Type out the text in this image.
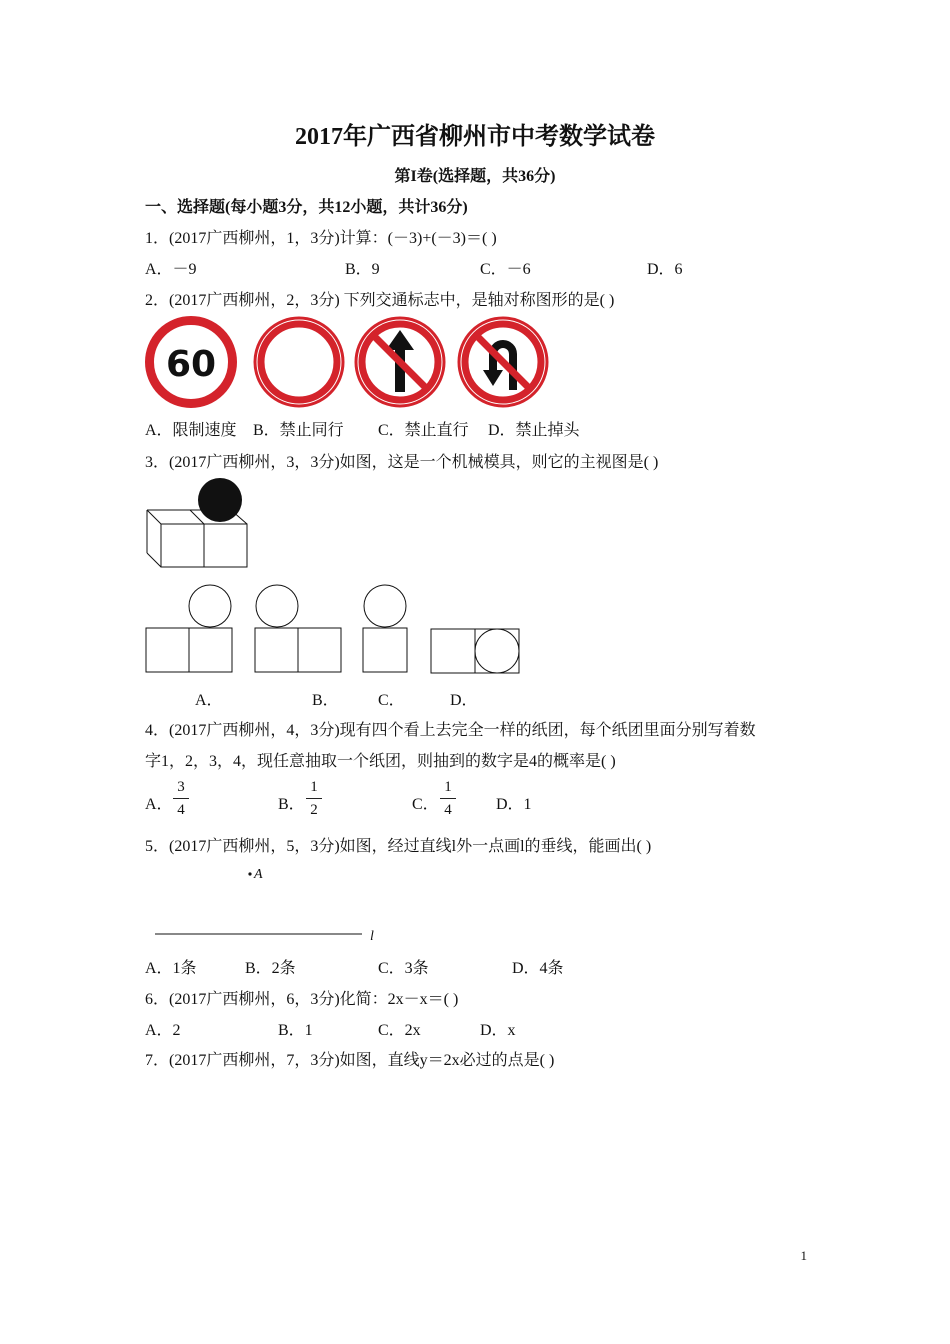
2017年广西省柳州市中考数学试卷
第I卷(选择题，共36分)
一、选择题(每小题3分，共12小题，共计36分)
1．(2017广西柳州，1，3分)计算：(－3)+(－3)＝( )
A．－9	B．9	C．－6	D．6
2．(2017广西柳州，2，3分) 下列交通标志中，是轴对称图形的是( )
60
A．限制速度 B．禁止同行 C．禁止直行 D．禁止掉头
3．(2017广西柳州，3，3分)如图，这是一个机械模具，则它的主视图是( )
A．	B． C．	D．
4．(2017广西柳州，4，3分)现有四个看上去完全一样的纸团，每个纸团里面分别写着数
字1，2，3，4，现任意抽取一个纸团，则抽到的数字是4的概率是( )
A．
3
4	B．
1
2	C．
1
4	D．1
5．(2017广西柳州，5，3分)如图，经过直线l外一点画l的垂线，能画出( )
A
l
A．1条	B．2条	C．3条	D．4条
6．(2017广西柳州，6，3分)化简：2x－x＝( )
A．2	B．1	C．2x	D．x
7．(2017广西柳州，7，3分)如图，直线y＝2x必过的点是( )
1
